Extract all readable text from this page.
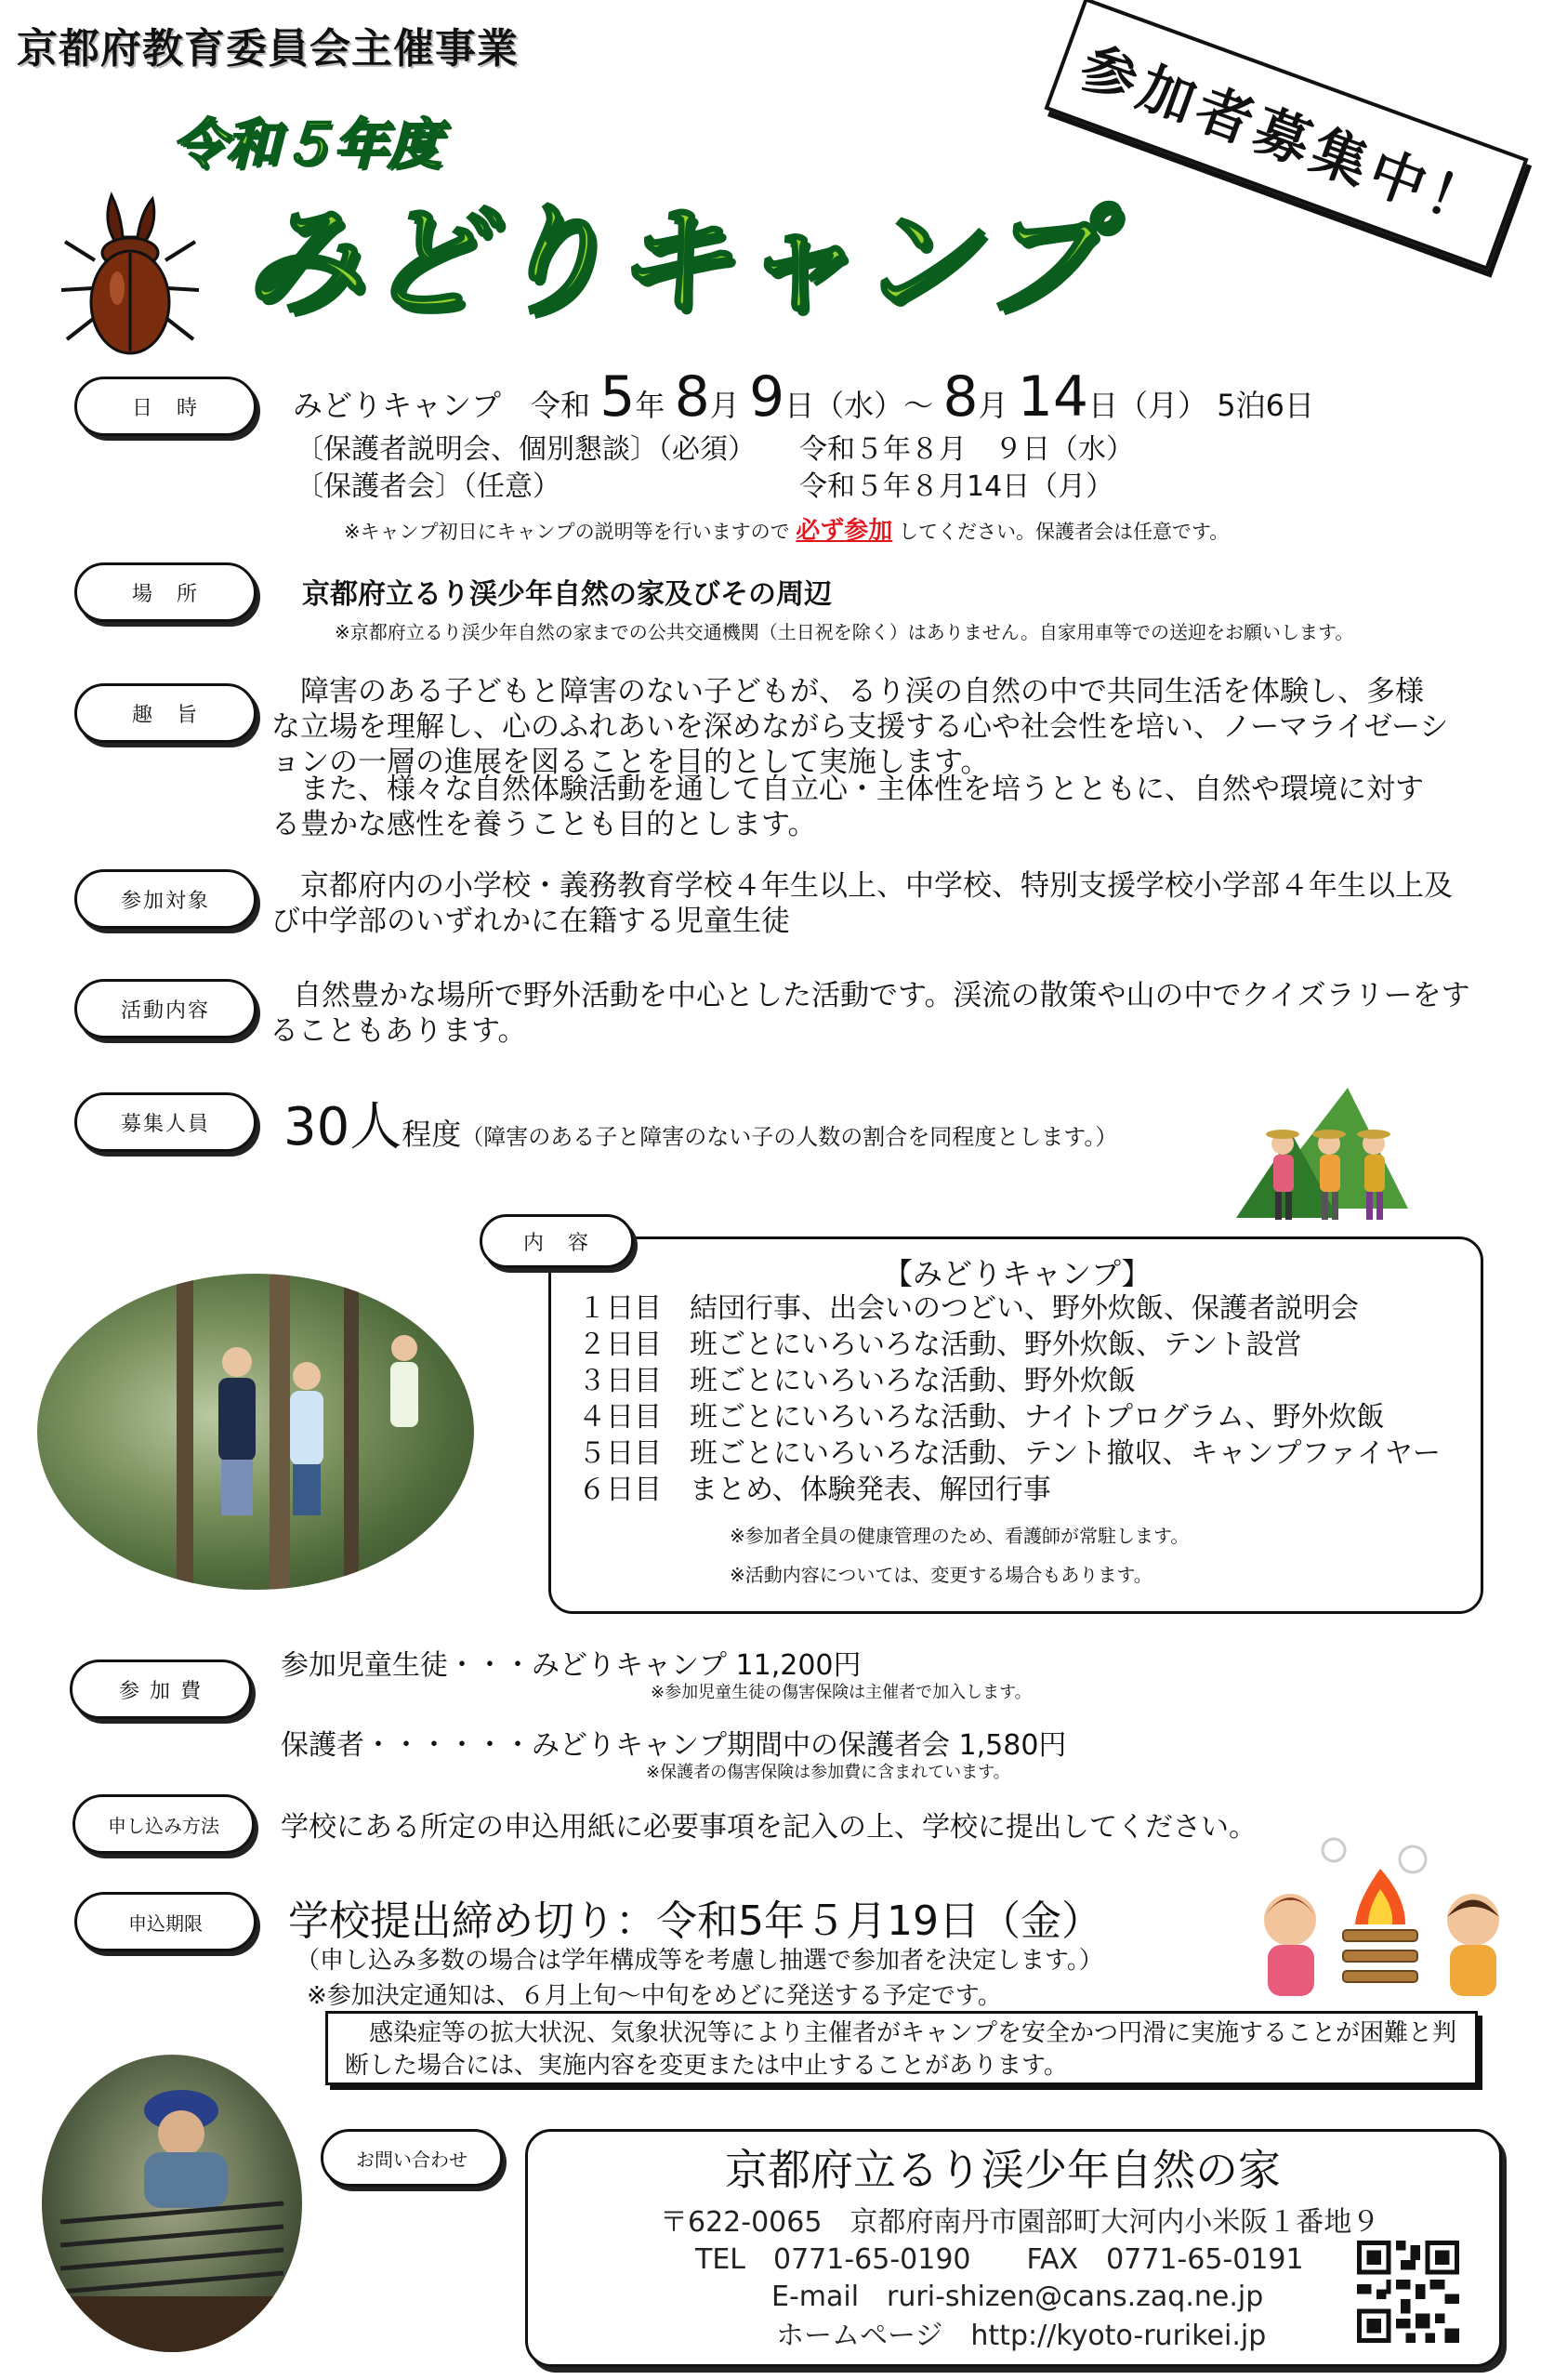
京都府教育委員会主催事業
令和５年度
みどりキャンプ
参加者募集中！
日　時	みどりキャンプ　令和 5年 8月 9日（水）～ 8月 14日（月） 5泊6日
〔保護者説明会、個別懇談〕（必須） 令和５年８月　９日（水）
〔保護者会〕（任意）	令和５年８月14日（月）
※キャンプ初日にキャンプの説明等を行いますので 必ず参加 してください。保護者会は任意です。
場　所	京都府立るり渓少年自然の家及びその周辺
※京都府立るり渓少年自然の家までの公共交通機関（土日祝を除く）はありません。自家用車等での送迎をお願いします。
趣　旨
障害のある子どもと障害のない子どもが、るり渓の自然の中で共同生活を体験し、多様な立場を理解し、心のふれあいを深めながら支援する心や社会性を培い、ノーマライゼーションの一層の進展を図ることを目的として実施します。
また、様々な自然体験活動を通して自立心・主体性を培うとともに、自然や環境に対する豊かな感性を養うことも目的とします。
参加対象	京都府内の小学校・義務教育学校４年生以上、中学校、特別支援学校小学部４年生以上及び中学部のいずれかに在籍する児童生徒
活動内容	自然豊かな場所で野外活動を中心とした活動です。渓流の散策や山の中でクイズラリーをすることもあります。
募集人員	30人程度（障害のある子と障害のない子の人数の割合を同程度とします。）
内　容
【みどりキャンプ】
１日目	結団行事、出会いのつどい、野外炊飯、保護者説明会
２日目	班ごとにいろいろな活動、野外炊飯、テント設営
３日目	班ごとにいろいろな活動、野外炊飯
４日目	班ごとにいろいろな活動、ナイトプログラム、野外炊飯
５日目	班ごとにいろいろな活動、テント撤収、キャンプファイヤー
６日目	まとめ、体験発表、解団行事
※参加者全員の健康管理のため、看護師が常駐します。
※活動内容については、変更する場合もあります。
参 加 費
参加児童生徒・・・みどりキャンプ 11,200円
※参加児童生徒の傷害保険は主催者で加入します。
保護者・・・・・・みどりキャンプ期間中の保護者会 1,580円
※保護者の傷害保険は参加費に含まれています。
申し込み方法	学校にある所定の申込用紙に必要事項を記入の上、学校に提出してください。
申込期限	学校提出締め切り：令和5年５月19日（金）
（申し込み多数の場合は学年構成等を考慮し抽選で参加者を決定します。）
※参加決定通知は、６月上旬～中旬をめどに発送する予定です。
感染症等の拡大状況、気象状況等により主催者がキャンプを安全かつ円滑に実施することが困難と判断した場合には、実施内容を変更または中止することがあります。
お問い合わせ	京都府立るり渓少年自然の家
〒622-0065　京都府南丹市園部町大河内小米阪１番地９
TEL　0771-65-0190　　FAX　0771-65-0191
E-mail　ruri-shizen@cans.zaq.ne.jp
ホームページ　http://kyoto-rurikei.jp
